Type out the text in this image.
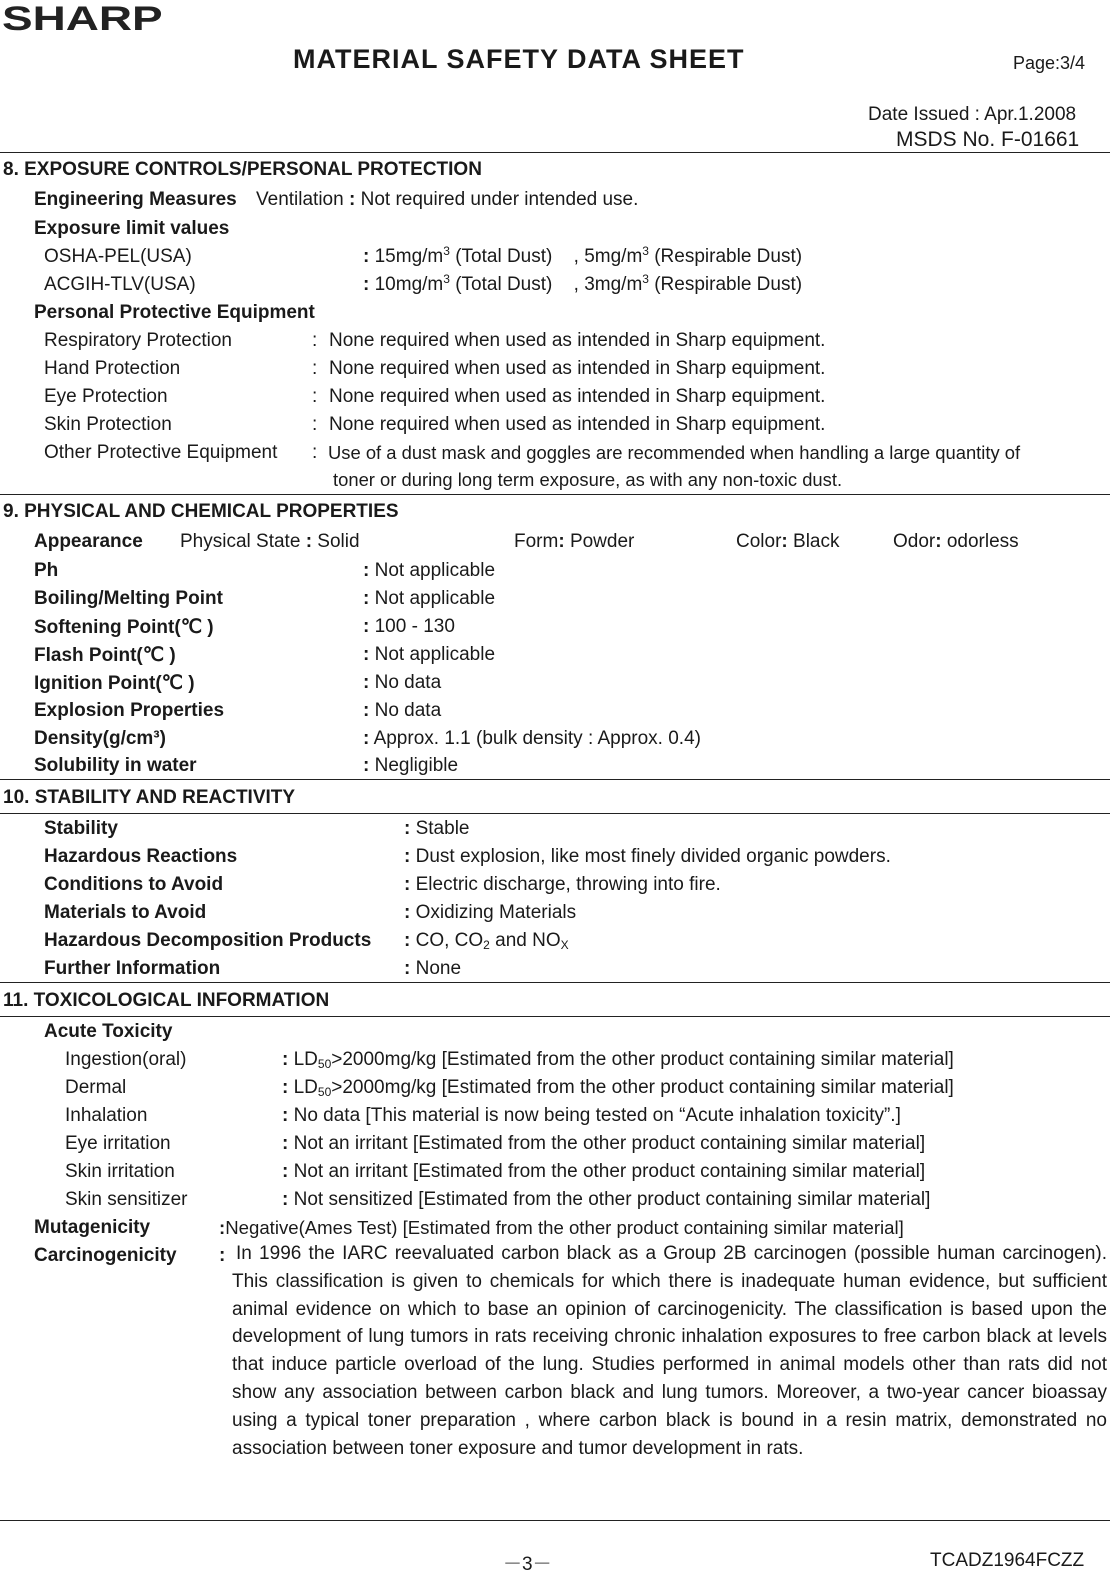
SHARP
MATERIAL SAFETY DATA SHEET	Page:3/4
Date Issued : Apr.1.2008
MSDS No. F-01661
8. EXPOSURE CONTROLS/PERSONAL PROTECTION
Engineering Measures Ventilation : Not required under intended use.
Exposure limit values
OSHA-PEL(USA)	: $15mg/m^3$ (Total Dust) , $5mg/m^3$ (Respirable Dust)
ACGIH-TLV(USA)	: $10mg/m^3$ (Total Dust) , $3mg/m^3$ (Respirable Dust)
Personal Protective Equipment
Respiratory Protection	: None required when used as intended in Sharp equipment.
Hand Protection	: None required when used as intended in Sharp equipment.
Eye Protection	: None required when used as intended in Sharp equipment.
Skin Protection	: None required when used as intended in Sharp equipment.
Other Protective Equipment : Use of a dust mask and goggles are recommended when handling a large quantity of
toner or during long term exposure, as with any non-toxic dust.
9. PHYSICAL AND CHEMICAL PROPERTIES
Appearance Physical State : Solid	Form: Powder	Color: Black	Odor: odorless
Ph	: Not applicable
Boiling/Melting Point	: Not applicable
Softening Point(℃ )	: 100 - 130
Flash Point(℃ )	: Not applicable
Ignition Point(℃ )	: No data
Explosion Properties	: No data
Density(g/cm³)	: Approx. 1.1 (bulk density : Approx. 0.4)
Solubility in water	: Negligible
10. STABILITY AND REACTIVITY
Stability	: Stable
Hazardous Reactions	: Dust explosion, like most finely divided organic powders.
Conditions to Avoid	: Electric discharge, throwing into fire.
Materials to Avoid	: Oxidizing Materials
Hazardous Decomposition Products : CO, $CO_2$ and $NO_X$
Further Information	: None
11. TOXICOLOGICAL INFORMATION
Acute Toxicity
Ingestion(oral)	: $LD_{50}>2000mg/kg$ [Estimated from the other product containing similar material]
Dermal	: $LD_{50}>2000mg/kg$ [Estimated from the other product containing similar material]
Inhalation	: No data [This material is now being tested on “Acute inhalation toxicity”.]
Eye irritation	: Not an irritant [Estimated from the other product containing similar material]
Skin irritation	: Not an irritant [Estimated from the other product containing similar material]
Skin sensitizer	: Not sensitized [Estimated from the other product containing similar material]
Mutagenicity	:Negative(Ames Test) [Estimated from the other product containing similar material]
Carcinogenicity : In 1996 the IARC reevaluated carbon black as a Group 2B carcinogen (possible human carcinogen). This classification is given to chemicals for which there is inadequate human evidence, but sufficient animal evidence on which to base an opinion of carcinogenicity. The classification is based upon the development of lung tumors in rats receiving chronic inhalation exposures to free carbon black at levels that induce particle overload of the lung. Studies performed in animal models other than rats did not show any association between carbon black and lung tumors. Moreover, a two-year cancer bioassay using a typical toner preparation , where carbon black is bound in a resin matrix, demonstrated no association between toner exposure and tumor development in rats.
－3－	TCADZ1964FCZZ
